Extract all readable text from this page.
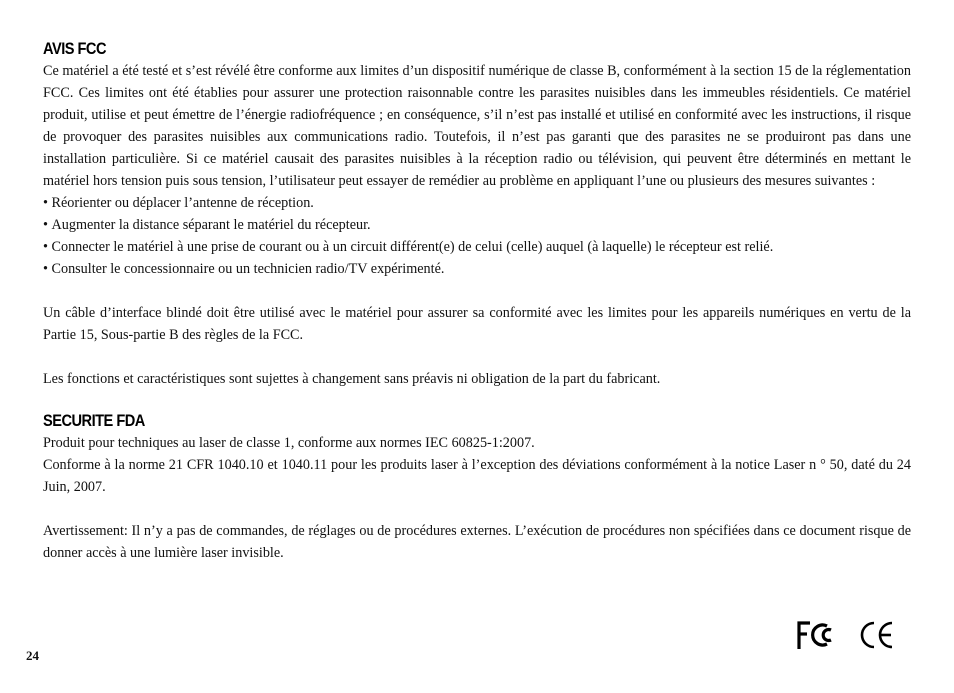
AVIS FCC

Ce matériel a été testé et s’est révélé être conforme aux limites d’un dispositif numérique de classe B, conformément à la section 15 de la réglementation FCC. Ces limites ont été établies pour assurer une protection raisonnable contre les parasites nuisibles dans les immeubles résidentiels. Ce matériel produit, utilise et peut émettre de l’énergie radiofréquence ; en conséquence, s’il n’est pas installé et utilisé en conformité avec les instructions, il risque de provoquer des parasites nuisibles aux communications radio. Toutefois, il n’est pas garanti que des parasites ne se produiront pas dans une installation particulière. Si ce matériel causait des parasites nuisibles à la réception radio ou télévision, qui peuvent être déterminés en mettant le matériel hors tension puis sous tension, l’utilisateur peut essayer de remédier au problème en appliquant l’une ou plusieurs des mesures suivantes :

• Réorienter ou déplacer l’antenne de réception.
• Augmenter la distance séparant le matériel du récepteur.
• Connecter le matériel à une prise de courant ou à un circuit différent(e) de celui (celle) auquel (à laquelle) le récepteur est relié.
• Consulter le concessionnaire ou un technicien radio/TV expérimenté.

Un câble d’interface blindé doit être utilisé avec le matériel pour assurer sa conformité avec les limites pour les appareils numériques en vertu de la Partie 15, Sous-partie B des règles de la FCC.

Les fonctions et caractéristiques sont sujettes à changement sans préavis ni obligation de la part du fabricant.

SECURITE FDA

Produit pour techniques au laser de classe 1, conforme aux normes IEC 60825-1:2007.

Conforme à la norme 21 CFR 1040.10 et 1040.11 pour les produits laser à l’exception des déviations conformément à la notice Laser n ° 50, daté du 24 Juin, 2007.

Avertissement: Il n’y a pas de commandes, de réglages ou de procédures externes. L’exécution de procédures non spécifiées dans ce document risque de donner accès à une lumière laser invisible.

24
